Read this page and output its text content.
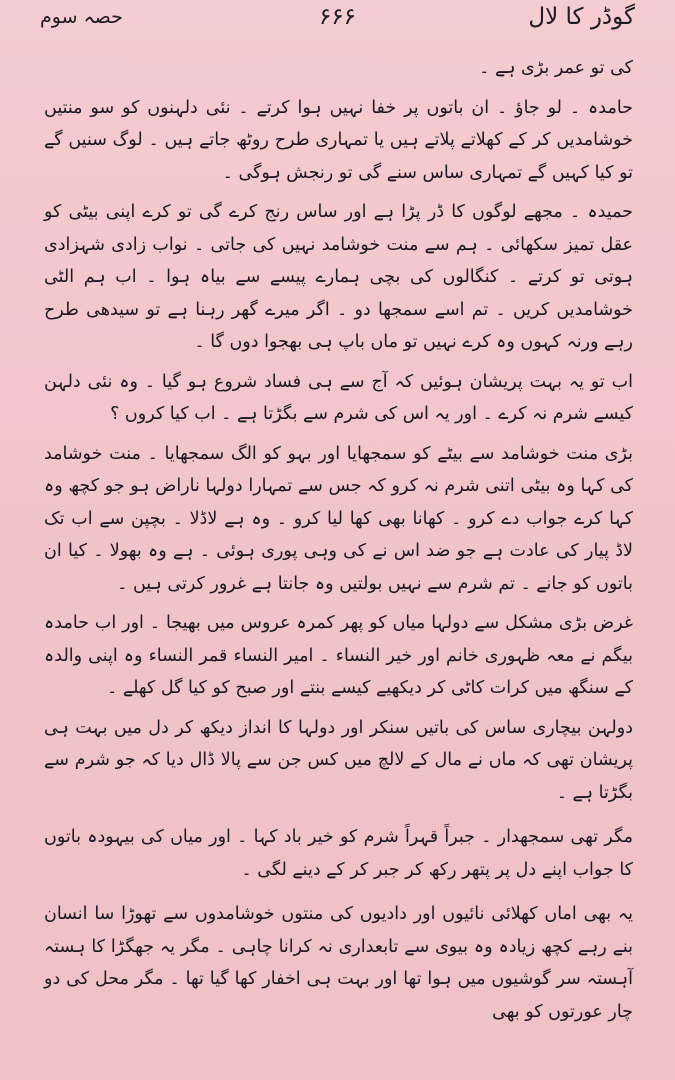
گوڈر کا لال
۶۶۶
حصہ سوم

کی تو عمر بڑی ہے ۔

حامدہ ۔ لو جاؤ ۔ ان باتوں پر خفا نہیں ہوا کرتے ۔ نئی دلہنوں کو سو منتیں خوشامدیں کر کے کھلاتے پلاتے ہیں یا تمہاری طرح روٹھ جاتے ہیں ۔ لوگ سنیں گے تو کیا کہیں گے تمہاری ساس سنے گی تو رنجش ہوگی ۔

حمیدہ ۔ مجھے لوگوں کا ڈر پڑا ہے اور ساس رنج کرے گی تو کرے اپنی بیٹی کو عقل تمیز سکھائی ۔ ہم سے منت خوشامد نہیں کی جاتی ۔ نواب زادی شہزادی ہوتی تو کرتے ۔ کنگالوں کی بچی ہمارے پیسے سے بیاہ ہوا ۔ اب ہم الٹی خوشامدیں کریں ۔ تم اسے سمجھا دو ۔ اگر میرے گھر رہنا ہے تو سیدھی طرح رہے ورنہ کہوں وہ کرے نہیں تو ماں باپ ہی بھجوا دوں گا ۔

اب تو یہ بہت پریشان ہوئیں کہ آج سے ہی فساد شروع ہو گیا ۔ وہ نئی دلہن کیسے شرم نہ کرے ۔ اور یہ اس کی شرم سے بگڑتا ہے ۔ اب کیا کروں ؟

بڑی منت خوشامد سے بیٹے کو سمجھایا اور بہو کو الگ سمجھایا ۔ منت خوشامد کی کہا وہ بیٹی اتنی شرم نہ کرو کہ جس سے تمہارا دولہا ناراض ہو جو کچھ وہ کہا کرے جواب دے کرو ۔ کھانا بھی کھا لیا کرو ۔ وہ ہے لاڈلا ۔ بچپن سے اب تک لاڈ پیار کی عادت ہے جو ضد اس نے کی وہی پوری ہوئی ۔ ہے وہ بھولا ۔ کیا ان باتوں کو جانے ۔ تم شرم سے نہیں بولتیں وہ جانتا ہے غرور کرتی ہیں ۔

غرض بڑی مشکل سے دولہا میاں کو پھر کمرہ عروس میں بھیجا ۔ اور اب حامدہ بیگم نے معہ ظہوری خانم اور خیر النساء ۔ امیر النساء قمر النساء وہ اپنی والدہ کے سنگھ میں کرات کاٹی کر دیکھیے کیسے بنتے اور صبح کو کیا گل کھلے ۔

دولہن بیچاری ساس کی باتیں سنکر اور دولہا کا انداز دیکھ کر دل میں بہت ہی پریشان تھی کہ ماں نے مال کے لالچ میں کس جن سے پالا ڈال دیا کہ جو شرم سے بگڑتا ہے ۔

مگر تھی سمجھدار ۔ جبراً قہراً شرم کو خیر باد کہا ۔ اور میاں کی بیہودہ باتوں کا جواب اپنے دل پر پتھر رکھ کر جبر کر کے دینے لگی ۔

یہ بھی اماں کھلائی نائیوں اور دادیوں کی منتوں خوشامدوں سے تھوڑا سا انسان بنے رہے کچھ زیادہ وہ بیوی سے تابعداری نہ کرانا چاہی ۔ مگر یہ جھگڑا کا ہستہ آہستہ سر گوشیوں میں ہوا تھا اور بہت ہی اخفار کھا گیا تھا ۔ مگر محل کی دو چار عورتوں کو بھی
